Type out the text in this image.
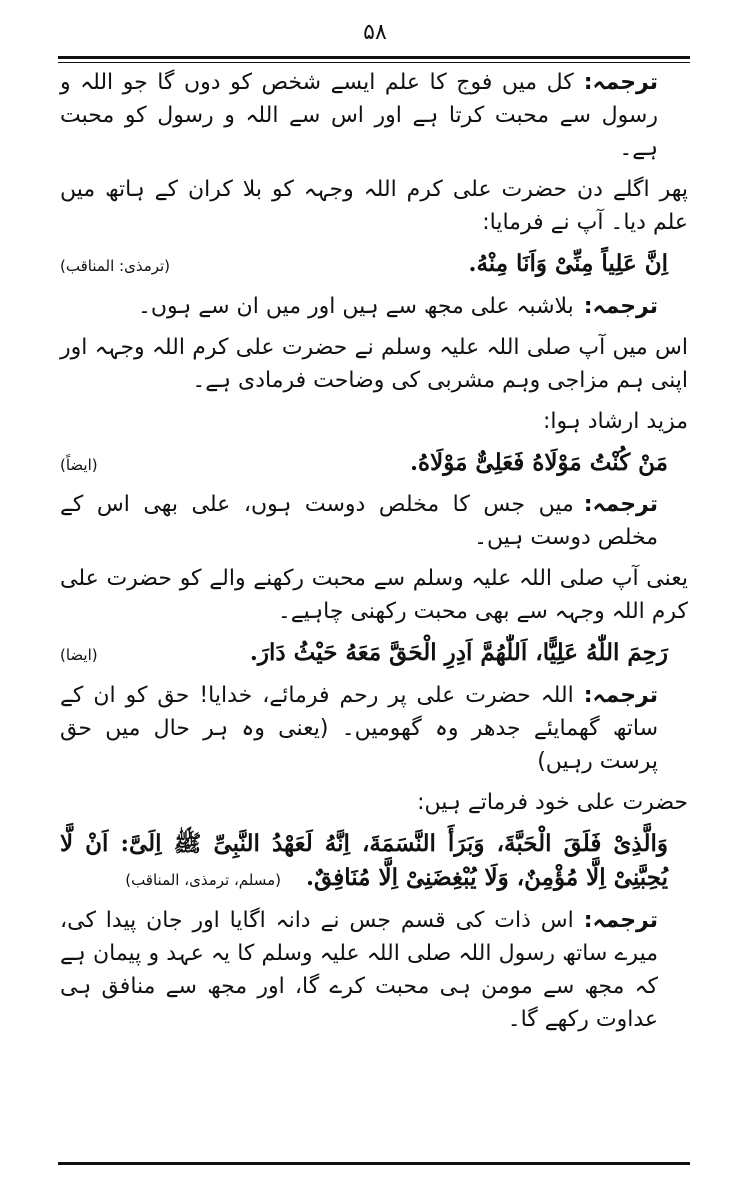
۵۸

ترجمہ:کل میں فوج کا علم ایسے شخص کو دوں گا جو اللہ و رسول سے محبت کرتا ہے اور اس سے اللہ و رسول کو محبت ہے۔

پھر اگلے دن حضرت علی کرم اللہ وجہہ کو بلا کران کے ہاتھ میں علم دیا۔ آپ نے فرمایا:

اِنَّ عَلِیاً مِنِّیْ وَاَنَا مِنْهُ.
(ترمذی: المناقب)

ترجمہ:بلاشبہ علی مجھ سے ہیں اور میں ان سے ہوں۔

اس میں آپ صلی اللہ علیہ وسلم نے حضرت علی کرم اللہ وجہہ اور اپنی ہم مزاجی وہم مشربی کی وضاحت فرمادی ہے۔

مزید ارشاد ہوا:

مَنْ کُنْتُ مَوْلَاهُ فَعَلِیٌّ مَوْلَاهُ.
(ایضاً)

ترجمہ:میں جس کا مخلص دوست ہوں، علی بھی اس کے مخلص دوست ہیں۔

یعنی آپ صلی اللہ علیہ وسلم سے محبت رکھنے والے کو حضرت علی کرم اللہ وجہہ سے بھی محبت رکھنی چاہیے۔

رَحِمَ اللّٰهُ عَلِیًّا، اَللّٰهُمَّ اَدِرِ الْحَقَّ مَعَهُ حَیْثُ دَارَ.
(ایضا)

ترجمہ:اللہ حضرت علی پر رحم فرمائے، خدایا! حق کو ان کے ساتھ گھمایئے جدھر وہ گھومیں۔ (یعنی وہ ہر حال میں حق پرست رہیں)

حضرت علی خود فرماتے ہیں:

وَالَّذِیْ فَلَقَ الْحَبَّةَ، وَبَرَأَ النَّسَمَةَ، اِنَّهُ لَعَهْدُ النَّبِیِّ ﷺ اِلَیَّ: اَنْ لَّا یُحِبَّنِیْ اِلَّا مُؤْمِنٌ، وَلَا یُبْغِضَنِیْ اِلَّا مُنَافِقٌ. (مسلم، ترمذی، المناقب)

ترجمہ:اس ذات کی قسم جس نے دانہ اگایا اور جان پیدا کی، میرے ساتھ رسول اللہ صلی اللہ علیہ وسلم کا یہ عہد و پیمان ہے کہ مجھ سے مومن ہی محبت کرے گا، اور مجھ سے منافق ہی عداوت رکھے گا۔
